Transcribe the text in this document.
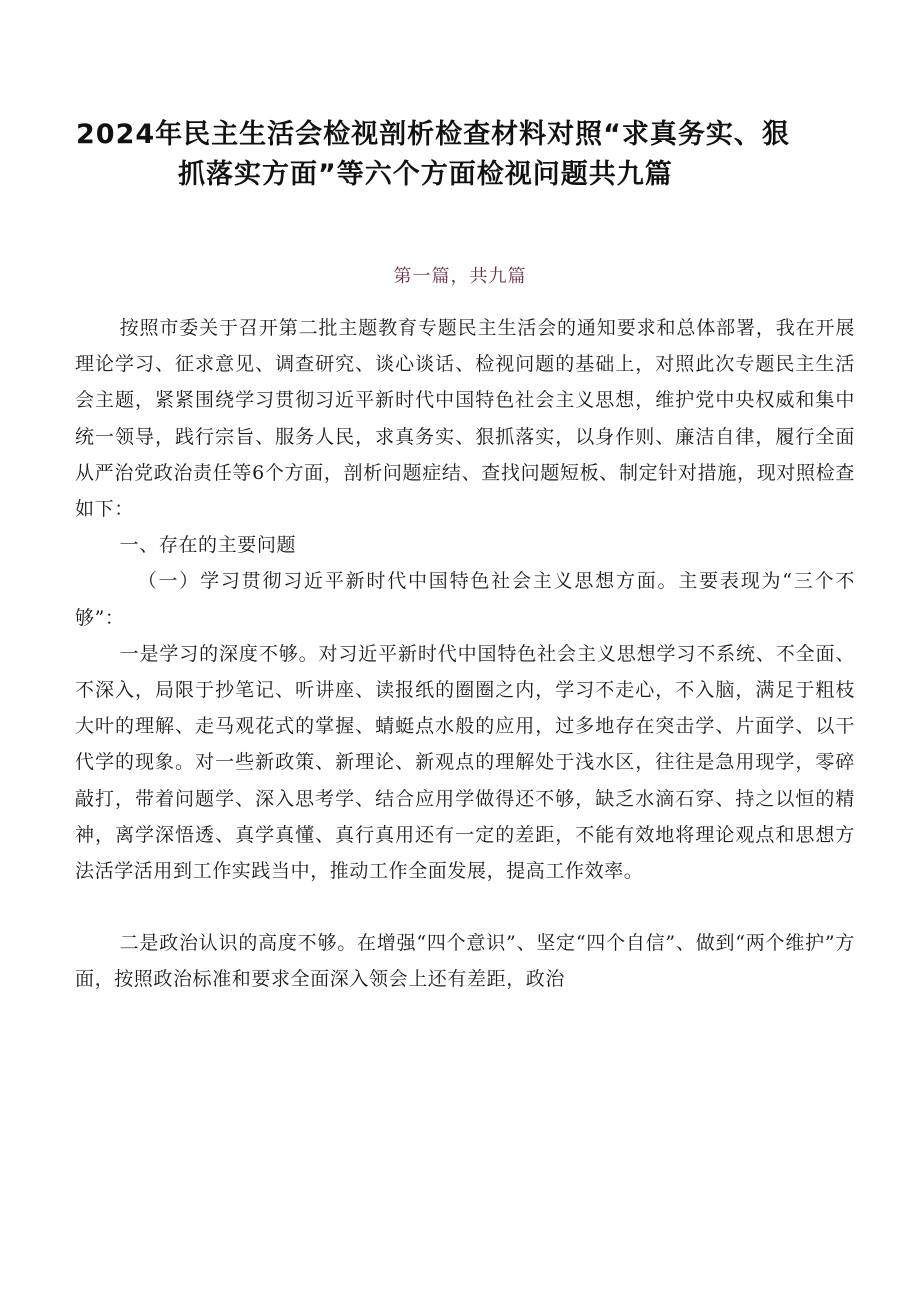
2024年民主生活会检视剖析检查材料对照“求真务实、狠
抓落实方面”等六个方面检视问题共九篇
第一篇，共九篇

按照市委关于召开第二批主题教育专题民主生活会的通知要求和总体部署，我在开展理论学习、征求意见、调查研究、谈心谈话、检视问题的基础上，对照此次专题民主生活会主题，紧紧围绕学习贯彻习近平新时代中国特色社会主义思想，维护党中央权威和集中统一领导，践行宗旨、服务人民，求真务实、狠抓落实，以身作则、廉洁自律，履行全面从严治党政治责任等6个方面，剖析问题症结、查找问题短板、制定针对措施，现对照检查如下：

一、存在的主要问题

（一）学习贯彻习近平新时代中国特色社会主义思想方面。主要表现为“三个不够”：

一是学习的深度不够。对习近平新时代中国特色社会主义思想学习不系统、不全面、不深入，局限于抄笔记、听讲座、读报纸的圈圈之内，学习不走心，不入脑，满足于粗枝大叶的理解、走马观花式的掌握、蜻蜓点水般的应用，过多地存在突击学、片面学、以干代学的现象。对一些新政策、新理论、新观点的理解处于浅水区，往往是急用现学，零碎敲打，带着问题学、深入思考学、结合应用学做得还不够，缺乏水滴石穿、持之以恒的精神，离学深悟透、真学真懂、真行真用还有一定的差距，不能有效地将理论观点和思想方法活学活用到工作实践当中，推动工作全面发展，提高工作效率。

二是政治认识的高度不够。在增强“四个意识”、坚定“四个自信”、做到“两个维护”方面，按照政治标准和要求全面深入领会上还有差距，政治
